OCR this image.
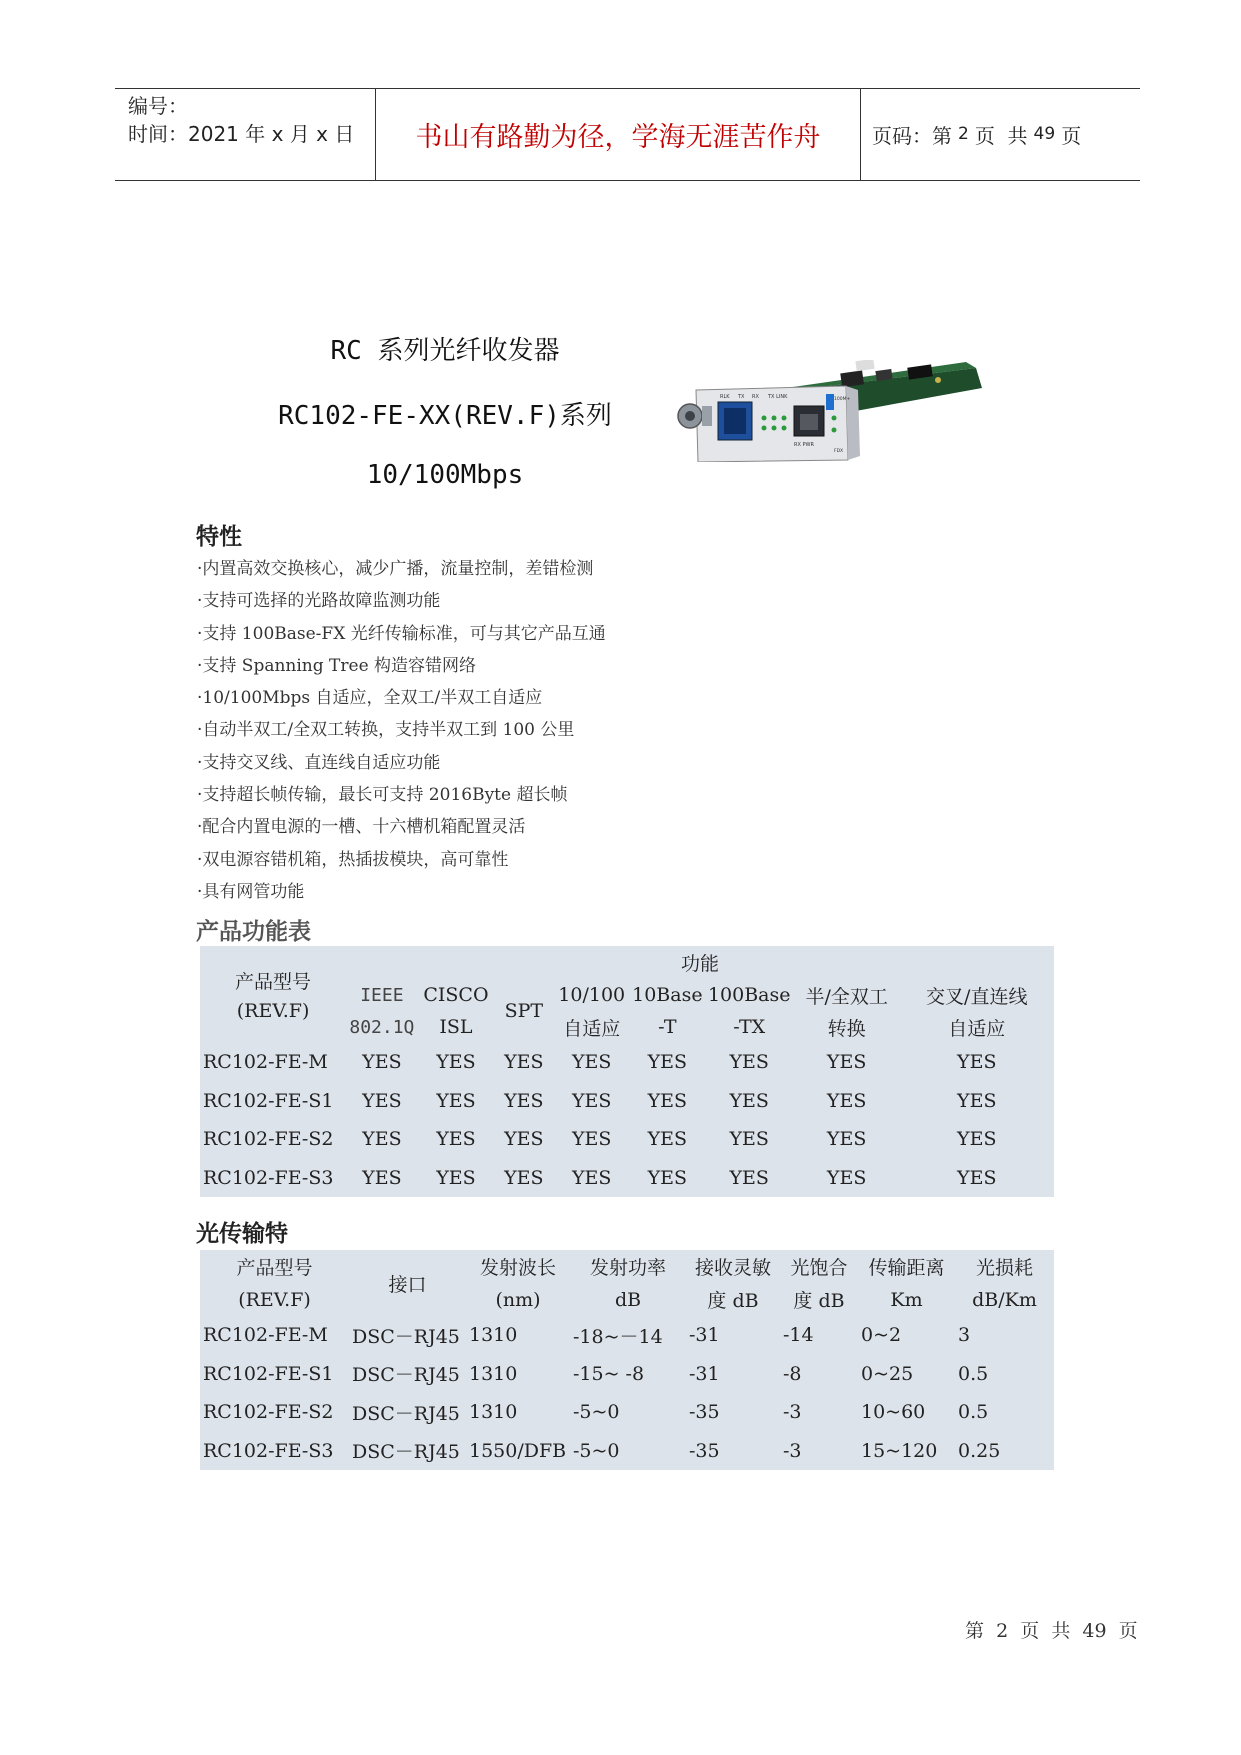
编号：
时间：2021 年 x 月 x 日	书山有路勤为径，学海无涯苦作舟	页码：第 2 页  共 49 页
RC 系列光纤收发器
RC102-FE-XX(REV.F)系列
10/100Mbps
RLK TX RX TX LINK	100M+
FDX
RX PWR
特性
·内置高效交换核心，减少广播，流量控制，差错检测
·支持可选择的光路故障监测功能
·支持 100Base-FX 光纤传输标准，可与其它产品互通
·支持 Spanning Tree 构造容错网络
·10/100Mbps 自适应，全双工/半双工自适应
·自动半双工/全双工转换，支持半双工到 100 公里
·支持交叉线、直连线自适应功能
·支持超长帧传输，最长可支持 2016Byte 超长帧
·配合内置电源的一槽、十六槽机箱配置灵活
·双电源容错机箱，热插拔模块，高可靠性
·具有网管功能
产品功能表
产品型号
(REV.F)	功能							
	IEEE	CISCO	SPT	10/100	10Base	100Base	半/全双工	交叉/直连线
	802.1Q	ISL		自适应	-T	-TX	转换	自适应
RC102-FE-M	YES	YES	YES	YES	YES	YES	YES	YES
RC102-FE-S1	YES	YES	YES	YES	YES	YES	YES	YES
RC102-FE-S2	YES	YES	YES	YES	YES	YES	YES	YES
RC102-FE-S3	YES	YES	YES	YES	YES	YES	YES	YES
光传输特
产品型号	接口	发射波长	发射功率	接收灵敏	光饱合	传输距离	光损耗
(REV.F)		(nm)	dB	度 dB	度 dB	Km	dB/Km
RC102-FE-M	DSC－RJ45	1310	-18~－14	-31	-14	0~2	3
RC102-FE-S1	DSC－RJ45	1310	-15~ -8	-31	-8	0~25	0.5
RC102-FE-S2	DSC－RJ45	1310	-5~0	-35	-3	10~60	0.5
RC102-FE-S3	DSC－RJ45	1550/DFB	-5~0	-35	-3	15~120	0.25
第  2  页  共  49  页
